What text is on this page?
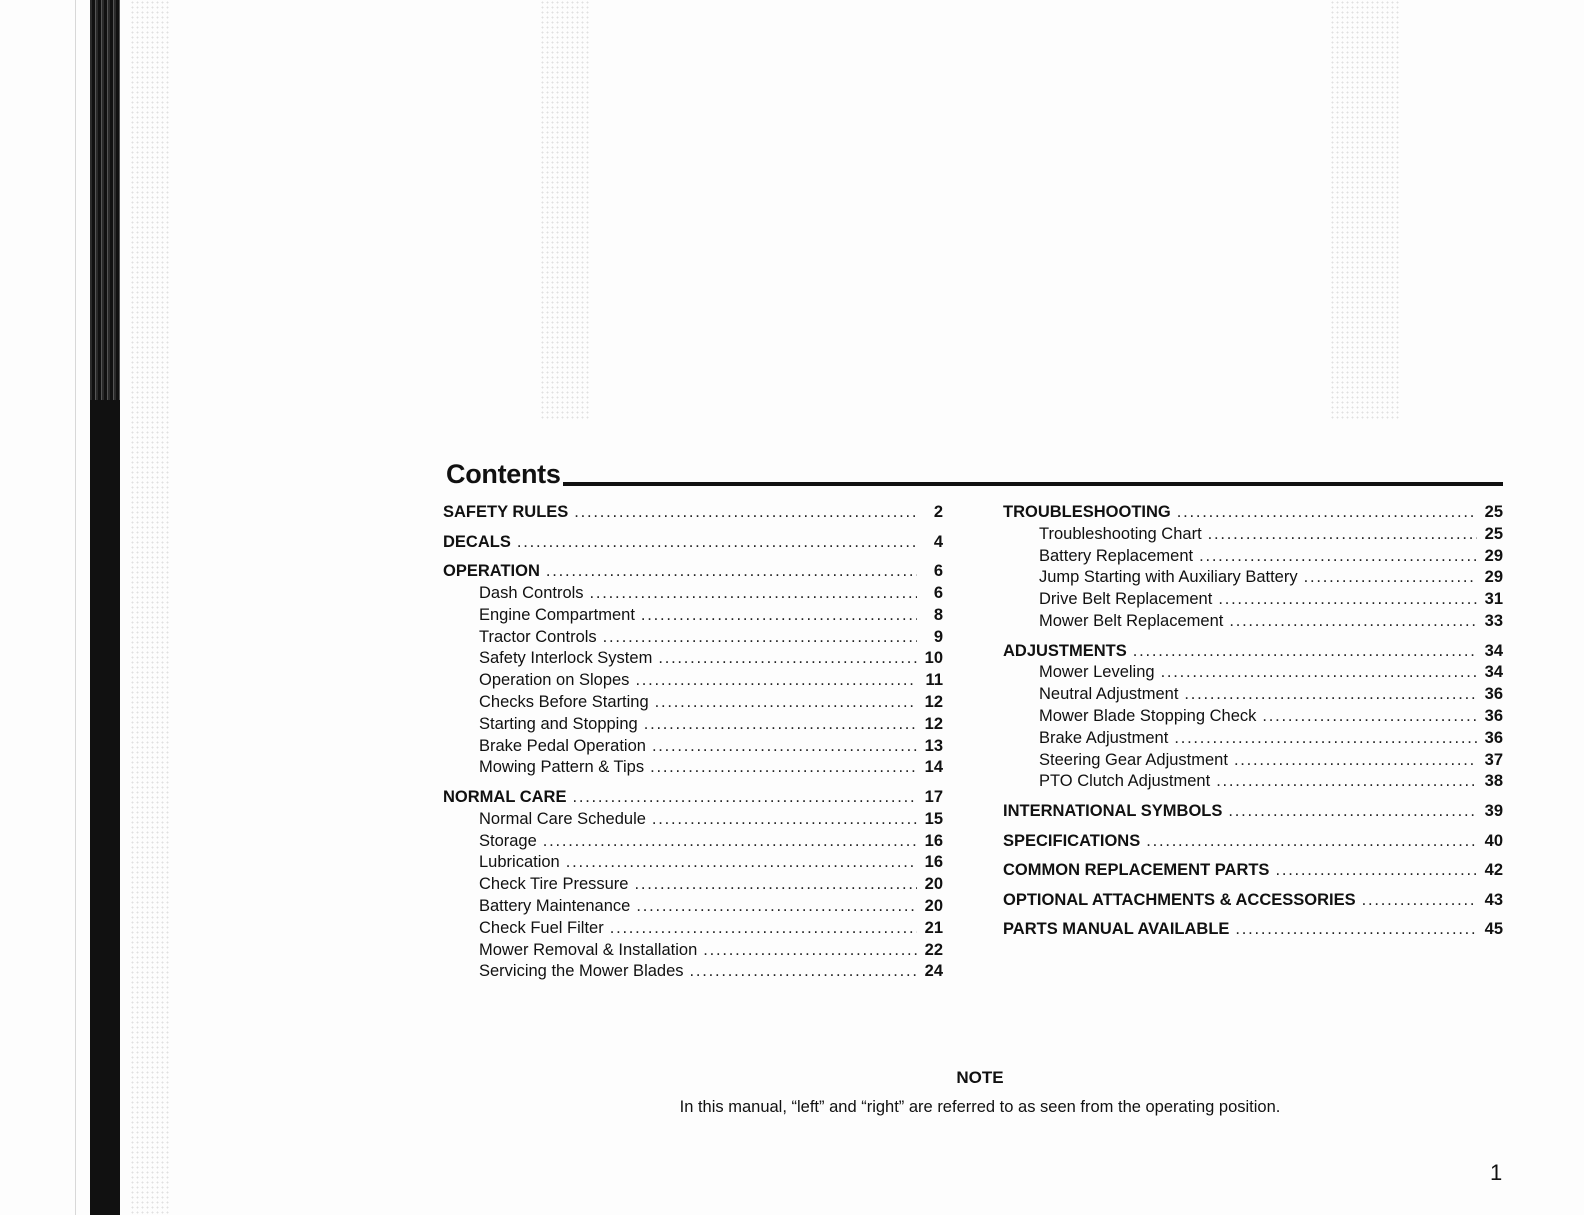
Contents
SAFETY RULES . . .	2
DECALS . . .	4
OPERATION . . .	6
Dash Controls . . .	6
Engine Compartment . . .	8
Tractor Controls . . .	9
Safety Interlock System . . .	10
Operation on Slopes . . .	11
Checks Before Starting . . .	12
Starting and Stopping . . .	12
Brake Pedal Operation . . .	13
Mowing Pattern & Tips . . .	14
NORMAL CARE . . .	17
Normal Care Schedule . . .	15
Storage . . .	16
Lubrication . . .	16
Check Tire Pressure . . .	20
Battery Maintenance . . .	20
Check Fuel Filter . . .	21
Mower Removal & Installation . . .	22
Servicing the Mower Blades . . .	24
TROUBLESHOOTING . . .	25
Troubleshooting Chart . . .	25
Battery Replacement . . .	29
Jump Starting with Auxiliary Battery . . .	29
Drive Belt Replacement . . .	31
Mower Belt Replacement . . .	33
ADJUSTMENTS . . .	34
Mower Leveling . . .	34
Neutral Adjustment . . .	36
Mower Blade Stopping Check . . .	36
Brake Adjustment . . .	36
Steering Gear Adjustment . . .	37
PTO Clutch Adjustment . . .	38
INTERNATIONAL SYMBOLS . . .	39
SPECIFICATIONS . . .	40
COMMON REPLACEMENT PARTS . . .	42
OPTIONAL ATTACHMENTS & ACCESSORIES . . .	43
PARTS MANUAL AVAILABLE . . .	45
NOTE
In this manual, “left” and “right” are referred to as seen from the operating position.
1
